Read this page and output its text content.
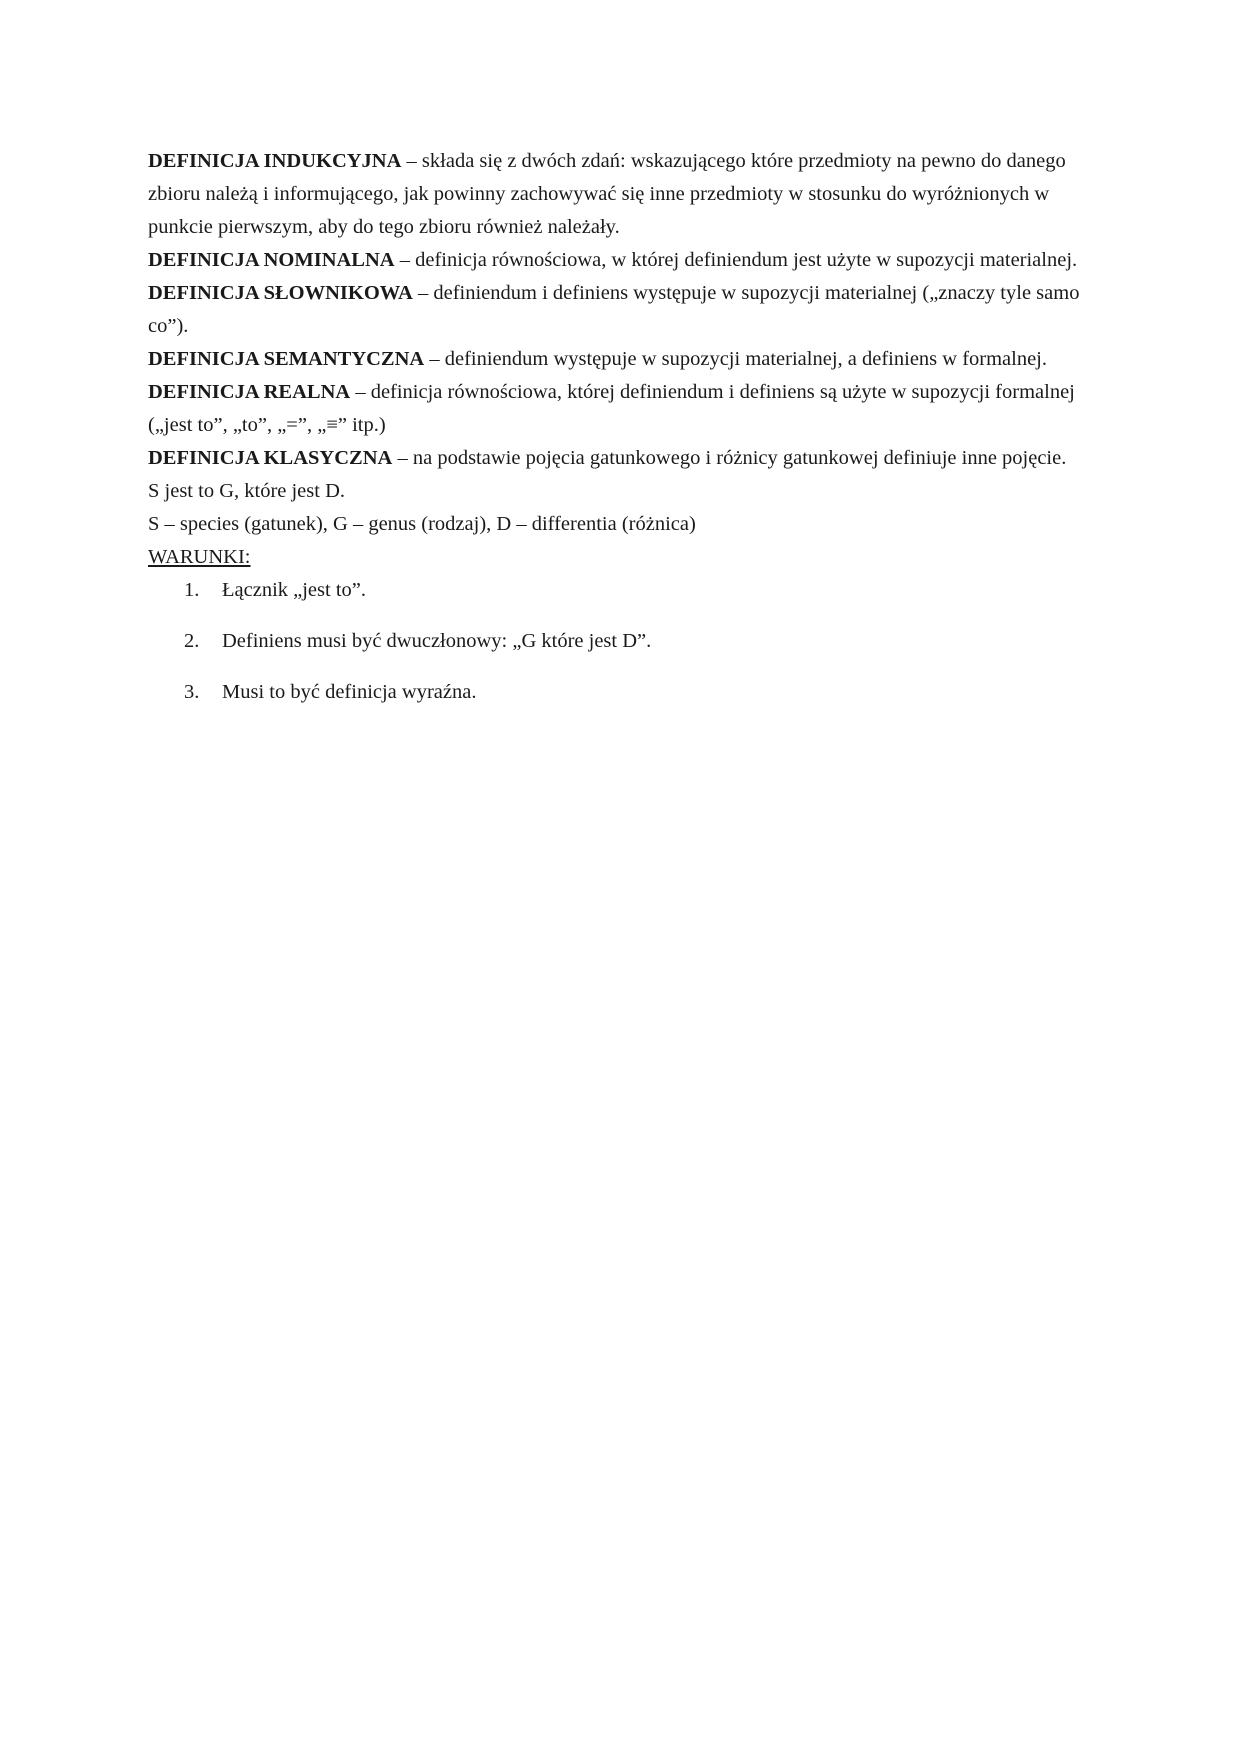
DEFINICJA INDUKCYJNA – składa się z dwóch zdań: wskazującego które przedmioty na pewno do danego zbioru należą i informującego, jak powinny zachowywać się inne przedmioty w stosunku do wyróżnionych w punkcie pierwszym, aby do tego zbioru również należały.

DEFINICJA NOMINALNA – definicja równościowa, w której definiendum jest użyte w supozycji materialnej.

DEFINICJA SŁOWNIKOWA – definiendum i definiens występuje w supozycji materialnej („znaczy tyle samo co”).

DEFINICJA SEMANTYCZNA – definiendum występuje w supozycji materialnej, a definiens w formalnej.

DEFINICJA REALNA – definicja równościowa, której definiendum i definiens są użyte w supozycji formalnej („jest to”, „to”, „=”, „≡” itp.)

DEFINICJA KLASYCZNA – na podstawie pojęcia gatunkowego i różnicy gatunkowej definiuje inne pojęcie.

S jest to G, które jest D.

S – species (gatunek), G – genus (rodzaj), D – differentia (różnica)

WARUNKI:

1. Łącznik „jest to”.
2. Definiens musi być dwuczłonowy: „G które jest D”.
3. Musi to być definicja wyraźna.
